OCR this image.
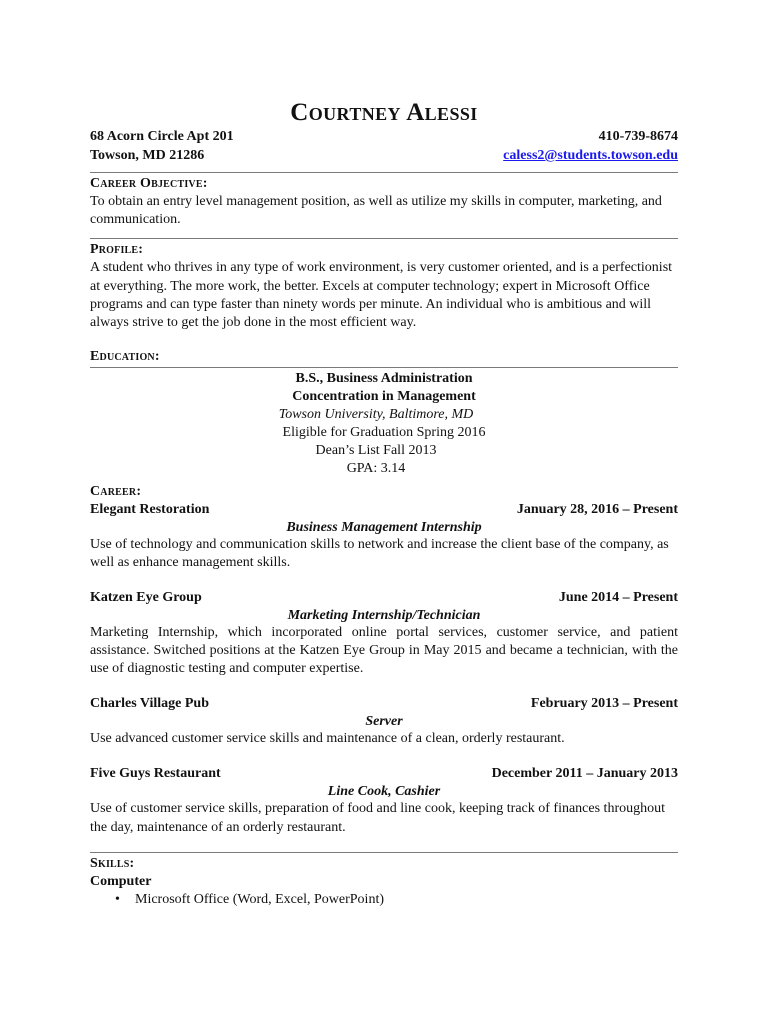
Courtney Alessi
68 Acorn Circle Apt 201	410-739-8674
Towson, MD 21286	caless2@students.towson.edu
Career Objective:
To obtain an entry level management position, as well as utilize my skills in computer, marketing, and communication.
Profile:
A student who thrives in any type of work environment, is very customer oriented, and is a perfectionist at everything. The more work, the better. Excels at computer technology; expert in Microsoft Office programs and can type faster than ninety words per minute. An individual who is ambitious and will always strive to get the job done in the most efficient way.
Education:
B.S., Business Administration
Concentration in Management
Towson University, Baltimore, MD
Eligible for Graduation Spring 2016
Dean’s List Fall 2013
GPA: 3.14
Career:
Elegant Restoration	January 28, 2016 – Present
Business Management Internship
Use of technology and communication skills to network and increase the client base of the company, as well as enhance management skills.
Katzen Eye Group	June 2014 – Present
Marketing Internship/Technician
Marketing Internship, which incorporated online portal services, customer service, and patient assistance. Switched positions at the Katzen Eye Group in May 2015 and became a technician, with the use of diagnostic testing and computer expertise.
Charles Village Pub	February 2013 – Present
Server
Use advanced customer service skills and maintenance of a clean, orderly restaurant.
Five Guys Restaurant	December 2011 – January 2013
Line Cook, Cashier
Use of customer service skills, preparation of food and line cook, keeping track of finances throughout the day, maintenance of an orderly restaurant.
Skills:
Computer
• Microsoft Office (Word, Excel, PowerPoint)
